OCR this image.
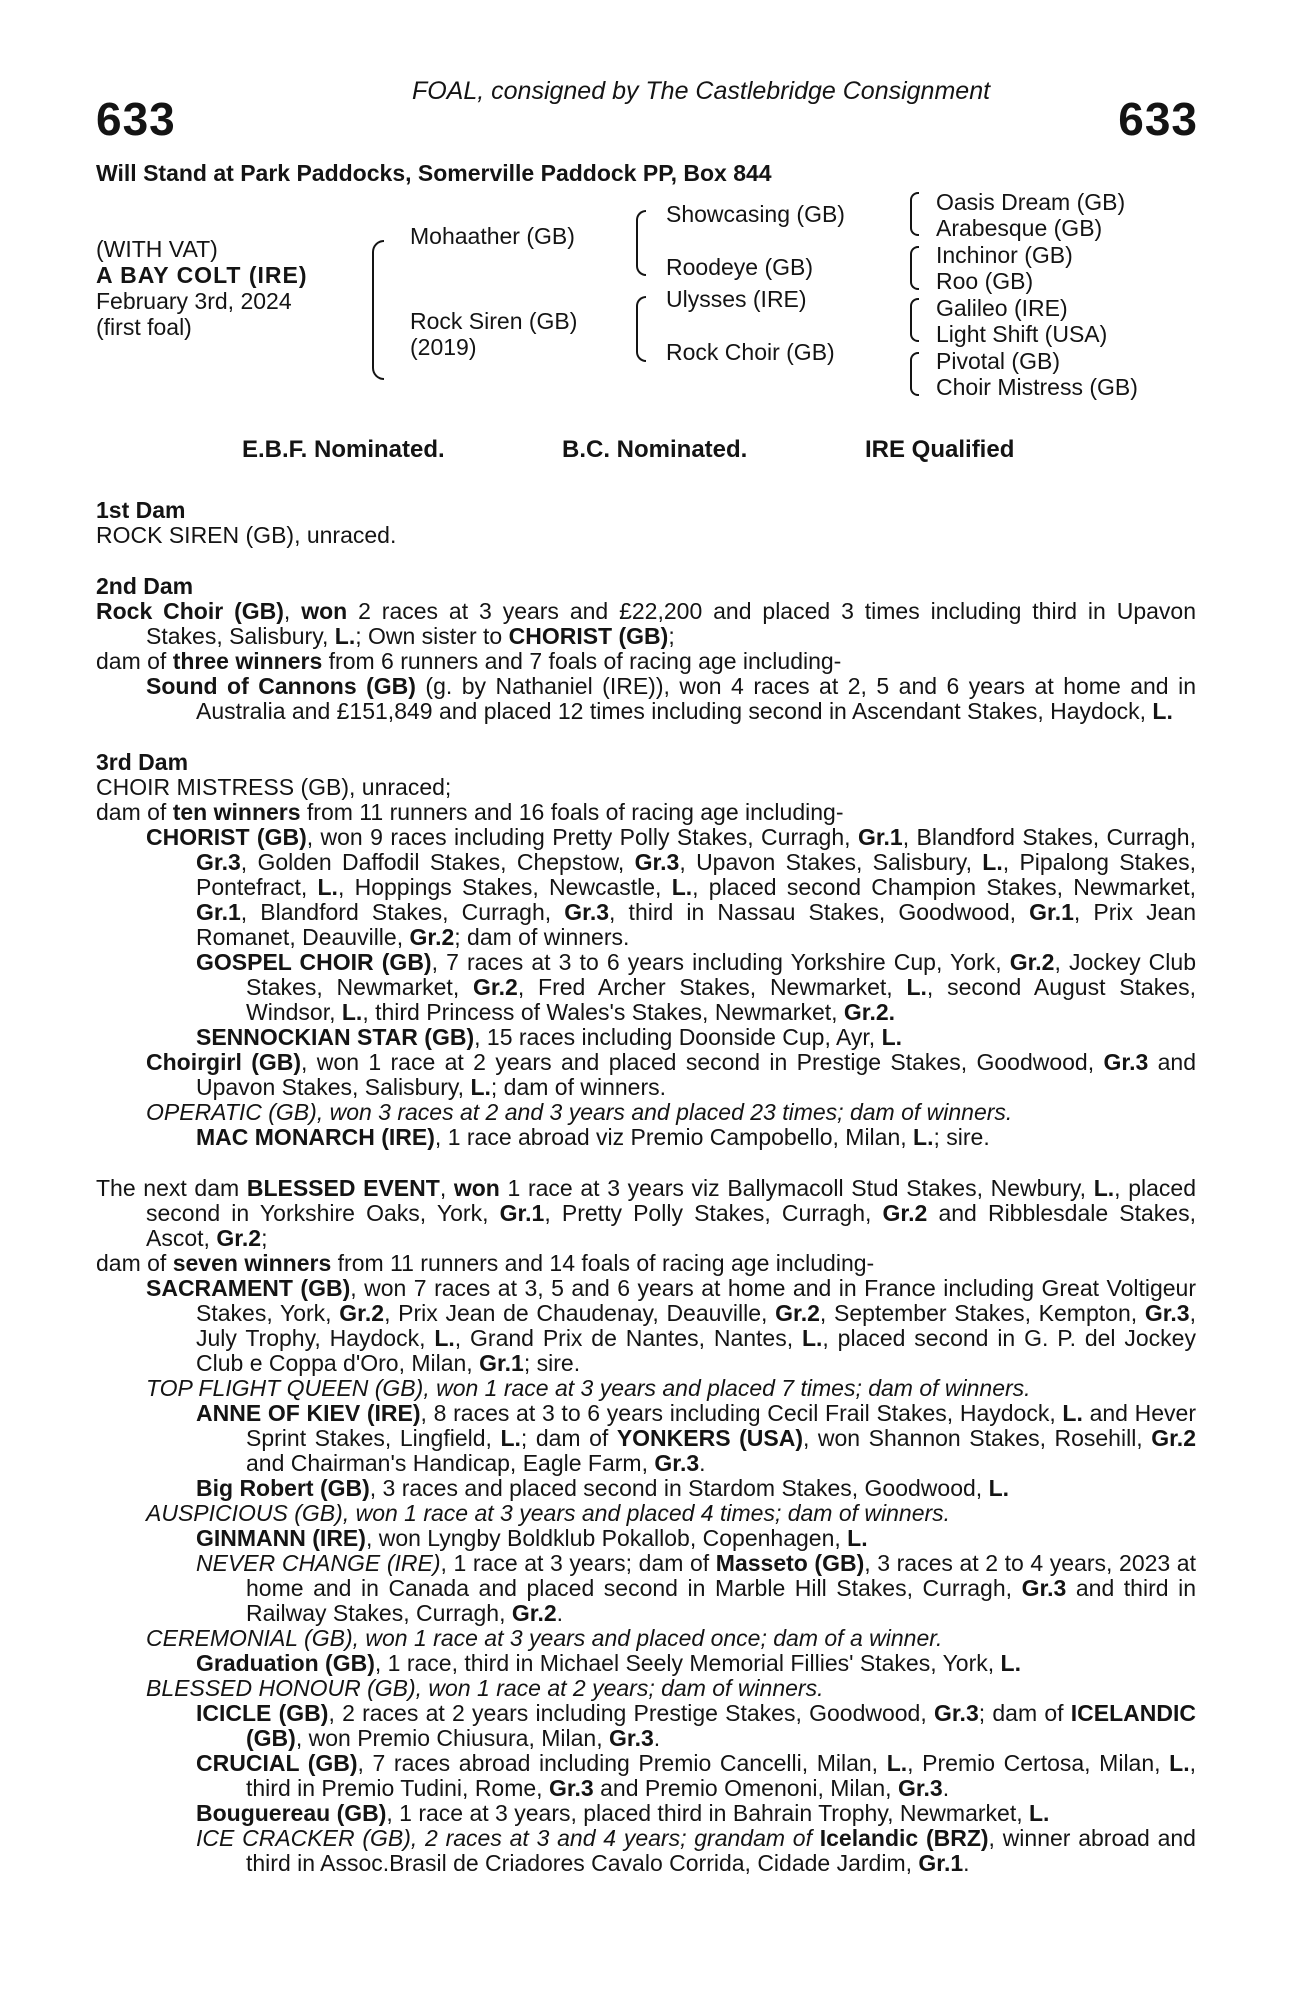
FOAL, consigned by The Castlebridge Consignment
633	633
Will Stand at Park Paddocks, Somerville Paddock PP, Box 844
(WITH VAT)
A BAY COLT (IRE)
February 3rd, 2024
(first foal)
Mohaather (GB)
Rock Siren (GB)
(2019)
Showcasing (GB)
Roodeye (GB)
Ulysses (IRE)
Rock Choir (GB)
Oasis Dream (GB)
Arabesque (GB)
Inchinor (GB)
Roo (GB)
Galileo (IRE)
Light Shift (USA)
Pivotal (GB)
Choir Mistress (GB)
E.B.F. Nominated.	B.C. Nominated.	IRE Qualified
1st Dam
ROCK SIREN (GB), unraced.
2nd Dam
Rock Choir (GB), won 2 races at 3 years and £22,200 and placed 3 times including third in Upavon Stakes, Salisbury, L.; Own sister to CHORIST (GB);
dam of three winners from 6 runners and 7 foals of racing age including-
Sound of Cannons (GB) (g. by Nathaniel (IRE)), won 4 races at 2, 5 and 6 years at home and in Australia and £151,849 and placed 12 times including second in Ascendant Stakes, Haydock, L.
3rd Dam
CHOIR MISTRESS (GB), unraced;
dam of ten winners from 11 runners and 16 foals of racing age including-
CHORIST (GB), won 9 races including Pretty Polly Stakes, Curragh, Gr.1, Blandford Stakes, Curragh, Gr.3, Golden Daffodil Stakes, Chepstow, Gr.3, Upavon Stakes, Salisbury, L., Pipalong Stakes, Pontefract, L., Hoppings Stakes, Newcastle, L., placed second Champion Stakes, Newmarket, Gr.1, Blandford Stakes, Curragh, Gr.3, third in Nassau Stakes, Goodwood, Gr.1, Prix Jean Romanet, Deauville, Gr.2; dam of winners.
GOSPEL CHOIR (GB), 7 races at 3 to 6 years including Yorkshire Cup, York, Gr.2, Jockey Club Stakes, Newmarket, Gr.2, Fred Archer Stakes, Newmarket, L., second August Stakes, Windsor, L., third Princess of Wales's Stakes, Newmarket, Gr.2.
SENNOCKIAN STAR (GB), 15 races including Doonside Cup, Ayr, L.
Choirgirl (GB), won 1 race at 2 years and placed second in Prestige Stakes, Goodwood, Gr.3 and Upavon Stakes, Salisbury, L.; dam of winners.
OPERATIC (GB), won 3 races at 2 and 3 years and placed 23 times; dam of winners.
MAC MONARCH (IRE), 1 race abroad viz Premio Campobello, Milan, L.; sire.
The next dam BLESSED EVENT, won 1 race at 3 years viz Ballymacoll Stud Stakes, Newbury, L., placed second in Yorkshire Oaks, York, Gr.1, Pretty Polly Stakes, Curragh, Gr.2 and Ribblesdale Stakes, Ascot, Gr.2;
dam of seven winners from 11 runners and 14 foals of racing age including-
SACRAMENT (GB), won 7 races at 3, 5 and 6 years at home and in France including Great Voltigeur Stakes, York, Gr.2, Prix Jean de Chaudenay, Deauville, Gr.2, September Stakes, Kempton, Gr.3, July Trophy, Haydock, L., Grand Prix de Nantes, Nantes, L., placed second in G. P. del Jockey Club e Coppa d'Oro, Milan, Gr.1; sire.
TOP FLIGHT QUEEN (GB), won 1 race at 3 years and placed 7 times; dam of winners.
ANNE OF KIEV (IRE), 8 races at 3 to 6 years including Cecil Frail Stakes, Haydock, L. and Hever Sprint Stakes, Lingfield, L.; dam of YONKERS (USA), won Shannon Stakes, Rosehill, Gr.2 and Chairman's Handicap, Eagle Farm, Gr.3.
Big Robert (GB), 3 races and placed second in Stardom Stakes, Goodwood, L.
AUSPICIOUS (GB), won 1 race at 3 years and placed 4 times; dam of winners.
GINMANN (IRE), won Lyngby Boldklub Pokallob, Copenhagen, L.
NEVER CHANGE (IRE), 1 race at 3 years; dam of Masseto (GB), 3 races at 2 to 4 years, 2023 at home and in Canada and placed second in Marble Hill Stakes, Curragh, Gr.3 and third in Railway Stakes, Curragh, Gr.2.
CEREMONIAL (GB), won 1 race at 3 years and placed once; dam of a winner.
Graduation (GB), 1 race, third in Michael Seely Memorial Fillies' Stakes, York, L.
BLESSED HONOUR (GB), won 1 race at 2 years; dam of winners.
ICICLE (GB), 2 races at 2 years including Prestige Stakes, Goodwood, Gr.3; dam of ICELANDIC (GB), won Premio Chiusura, Milan, Gr.3.
CRUCIAL (GB), 7 races abroad including Premio Cancelli, Milan, L., Premio Certosa, Milan, L., third in Premio Tudini, Rome, Gr.3 and Premio Omenoni, Milan, Gr.3.
Bouguereau (GB), 1 race at 3 years, placed third in Bahrain Trophy, Newmarket, L.
ICE CRACKER (GB), 2 races at 3 and 4 years; grandam of Icelandic (BRZ), winner abroad and third in Assoc.Brasil de Criadores Cavalo Corrida, Cidade Jardim, Gr.1.
